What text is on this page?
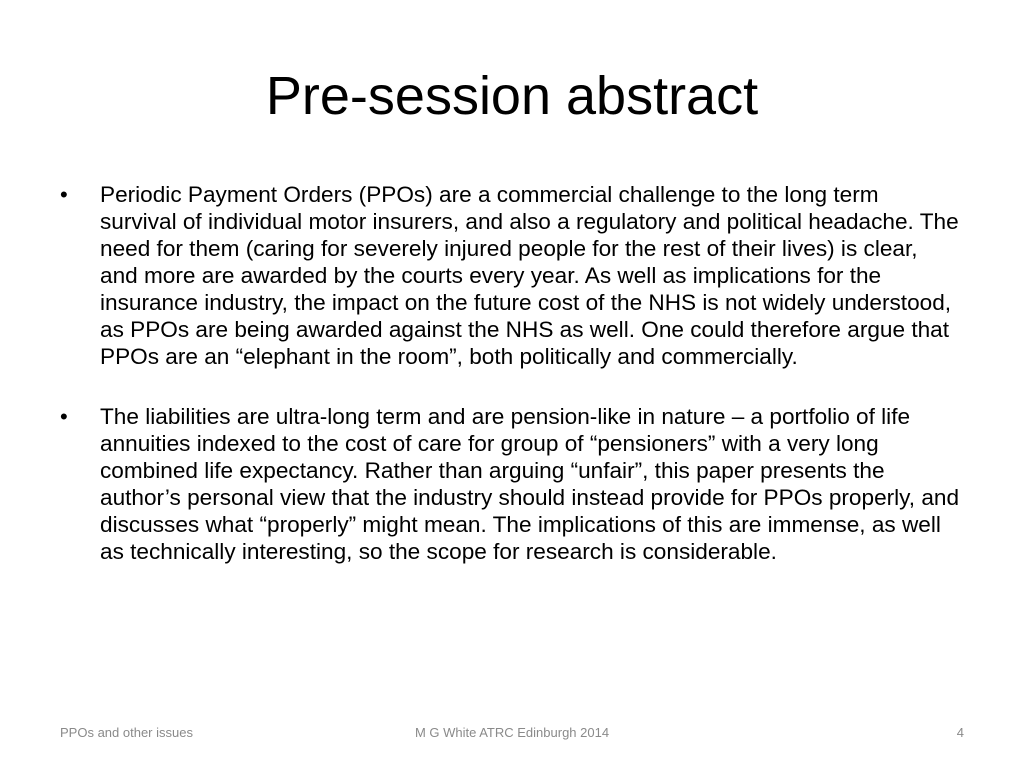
Pre-session abstract
•	Periodic Payment Orders (PPOs) are a commercial challenge to the long term survival of individual motor insurers, and also a regulatory and political headache. The need for them (caring for severely injured people for the rest of their lives) is clear, and more are awarded by the courts every year. As well as implications for the insurance industry, the impact on the future cost of the NHS is not widely understood, as PPOs are being awarded against the NHS as well. One could therefore argue that PPOs are an “elephant in the room”, both politically and commercially.
•	The liabilities are ultra-long term and are pension-like in nature – a portfolio of life annuities indexed to the cost of care for group of “pensioners” with a very long combined life expectancy. Rather than arguing “unfair”, this paper presents the author’s personal view that the industry should instead provide for PPOs properly, and discusses what “properly” might mean. The implications of this are immense, as well as technically interesting, so the scope for research is considerable.
PPOs and other issues	M G White ATRC Edinburgh 2014	4
